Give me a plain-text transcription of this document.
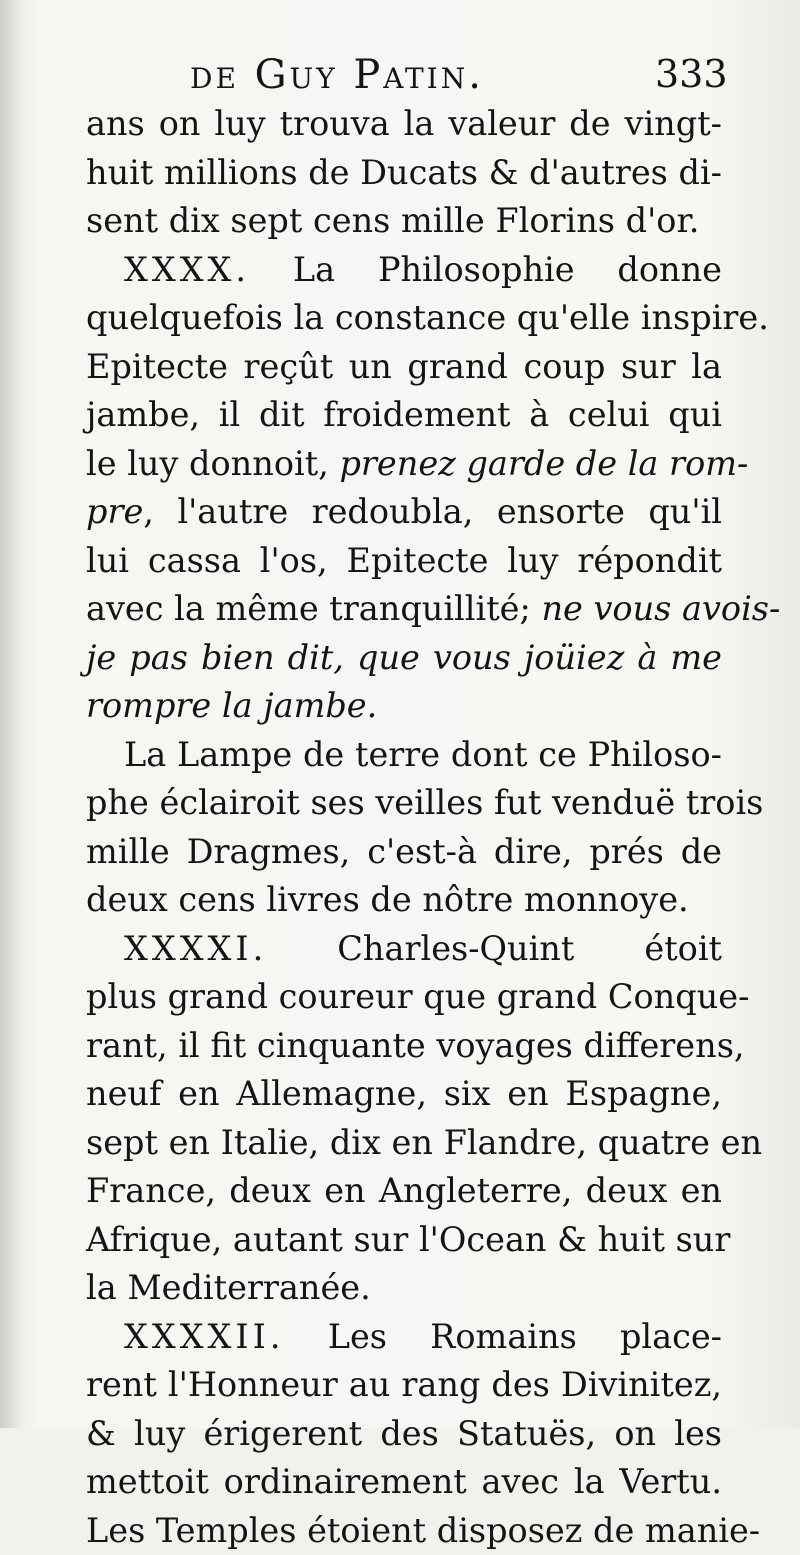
de Guy Patin.	333
ans on luy trouva la valeur de vingt-
huit millions de Ducats & d'autres di-
sent dix sept cens mille Florins d'or.
XXXX. La Philosophie donne
quelquefois la constance qu'elle inspire.
Epitecte reçût un grand coup sur la
jambe, il dit froidement à celui qui
le luy donnoit, prenez garde de la rom-
pre, l'autre redoubla, ensorte qu'il
lui cassa l'os, Epitecte luy répondit
avec la même tranquillité; ne vous avois-
je pas bien dit, que vous joüiez à me
rompre la jambe.
La Lampe de terre dont ce Philoso-
phe éclairoit ses veilles fut venduë trois
mille Dragmes, c'est-à dire, prés de
deux cens livres de nôtre monnoye.
XXXXI. Charles-Quint étoit
plus grand coureur que grand Conque-
rant, il fit cinquante voyages differens,
neuf en Allemagne, six en Espagne,
sept en Italie, dix en Flandre, quatre en
France, deux en Angleterre, deux en
Afrique, autant sur l'Ocean & huit sur
la Mediterranée.
XXXXII. Les Romains place-
rent l'Honneur au rang des Divinitez,
& luy érigerent des Statuës, on les
mettoit ordinairement avec la Vertu.
Les Temples étoient disposez de manie-
